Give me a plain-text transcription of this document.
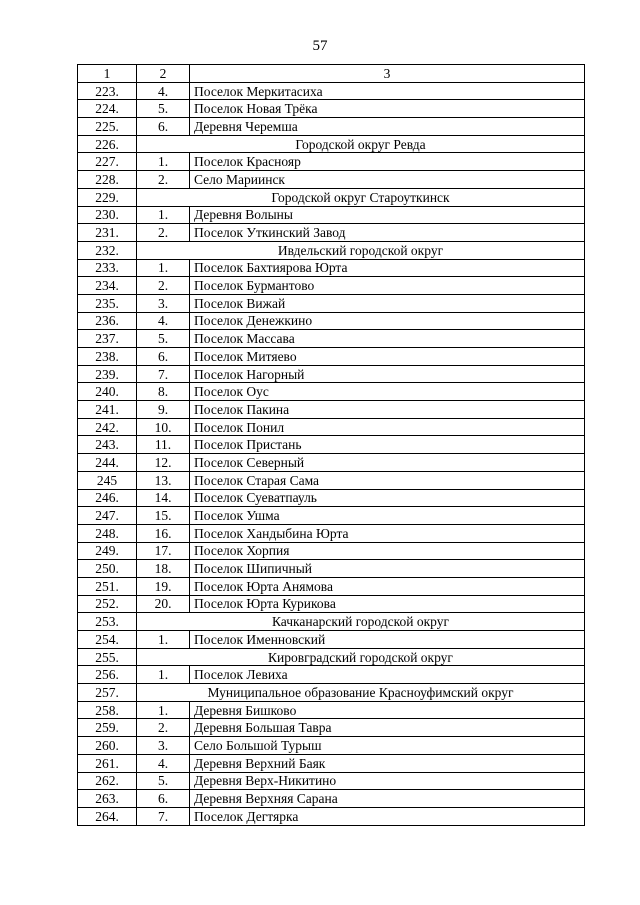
57
1	2	3
223.	4.	Поселок Меркитасиха
224.	5.	Поселок Новая Трёка
225.	6.	Деревня Черемша
226.	Городской округ Ревда	
227.	1.	Поселок Краснояр
228.	2.	Село Мариинск
229.	Городской округ Староуткинск	
230.	1.	Деревня Волыны
231.	2.	Поселок Уткинский Завод
232.	Ивдельский городской округ	
233.	1.	Поселок Бахтиярова Юрта
234.	2.	Поселок Бурмантово
235.	3.	Поселок Вижай
236.	4.	Поселок Денежкино
237.	5.	Поселок Массава
238.	6.	Поселок Митяево
239.	7.	Поселок Нагорный
240.	8.	Поселок Оус
241.	9.	Поселок Пакина
242.	10.	Поселок Понил
243.	11.	Поселок Пристань
244.	12.	Поселок Северный
245	13.	Поселок Старая Сама
246.	14.	Поселок Суеватпауль
247.	15.	Поселок Ушма
248.	16.	Поселок Хандыбина Юрта
249.	17.	Поселок Хорпия
250.	18.	Поселок Шипичный
251.	19.	Поселок Юрта Анямова
252.	20.	Поселок Юрта Курикова
253.	Качканарский городской округ	
254.	1.	Поселок Именновский
255.	Кировградский городской округ	
256.	1.	Поселок Левиха
257.	Муниципальное образование Красноуфимский округ	
258.	1.	Деревня Бишково
259.	2.	Деревня Большая Тавра
260.	3.	Село Большой Турыш
261.	4.	Деревня Верхний Баяк
262.	5.	Деревня Верх-Никитино
263.	6.	Деревня Верхняя Сарана
264.	7.	Поселок Дегтярка
